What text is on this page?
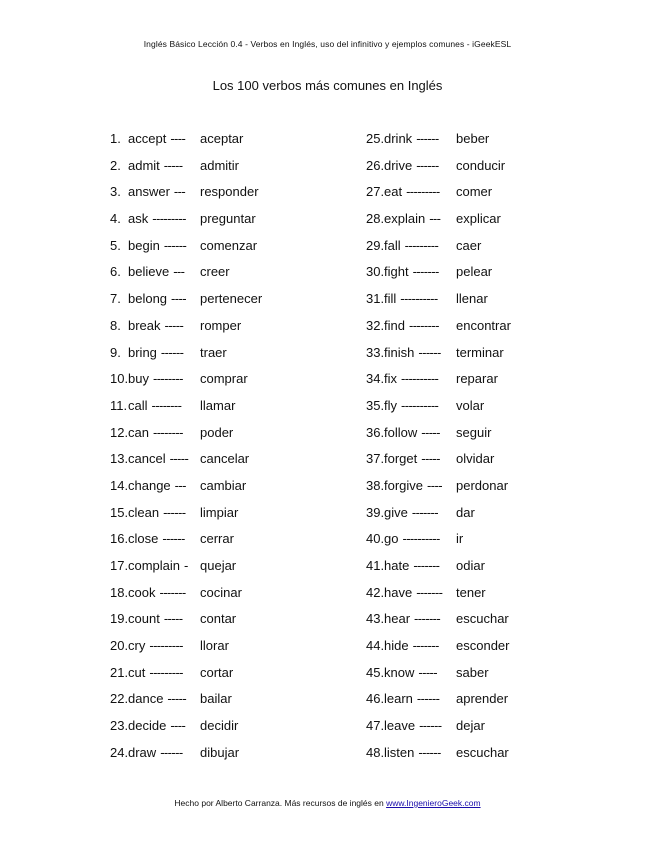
Inglés Básico Lección 0.4 - Verbos en Inglés, uso del infinitivo y ejemplos comunes - iGeekESL
Los 100 verbos más comunes en Inglés
1. accept ---- aceptar
2. admit ----- admitir
3. answer --- responder
4. ask --------- preguntar
5. begin ------ comenzar
6. believe --- creer
7. belong ---- pertenecer
8. break ----- romper
9. bring ------ traer
10. buy -------- comprar
11. call -------- llamar
12. can -------- poder
13. cancel ----- cancelar
14. change --- cambiar
15. clean ------ limpiar
16. close ------ cerrar
17. complain - quejar
18. cook ------- cocinar
19. count ----- contar
20. cry --------- llorar
21. cut --------- cortar
22. dance ----- bailar
23. decide ---- decidir
24. draw ------ dibujar
25. drink ------ beber
26. drive ------ conducir
27. eat --------- comer
28. explain --- explicar
29. fall --------- caer
30. fight ------- pelear
31. fill ---------- llenar
32. find -------- encontrar
33. finish ------ terminar
34. fix ---------- reparar
35. fly ---------- volar
36. follow ----- seguir
37. forget ----- olvidar
38. forgive ---- perdonar
39. give ------- dar
40. go ---------- ir
41. hate ------- odiar
42. have ------- tener
43. hear ------- escuchar
44. hide ------- esconder
45. know ----- saber
46. learn ------ aprender
47. leave ------ dejar
48. listen ------ escuchar
Hecho por Alberto Carranza. Más recursos de inglés en www.IngenieroGeek.com
